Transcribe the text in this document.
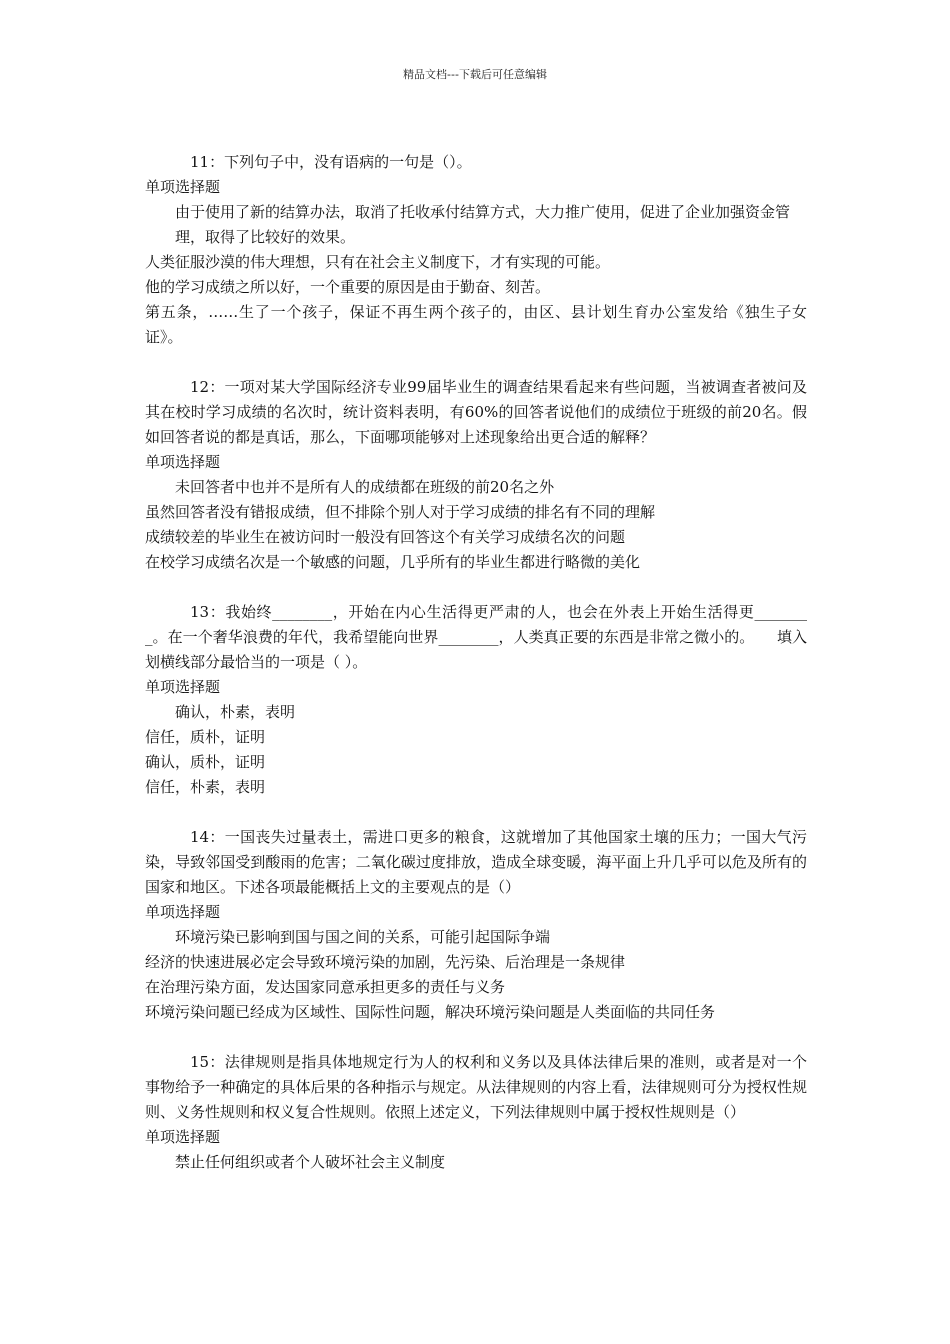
精品文档---下载后可任意编辑

11：下列句子中，没有语病的一句是（）。

单项选择题

由于使用了新的结算办法，取消了托收承付结算方式，大力推广使用，促进了企业加强资金管理，取得了比较好的效果。

人类征服沙漠的伟大理想，只有在社会主义制度下，才有实现的可能。

他的学习成绩之所以好，一个重要的原因是由于勤奋、刻苦。

第五条，……生了一个孩子，保证不再生两个孩子的，由区、县计划生育办公室发给《独生子女证》。

12：一项对某大学国际经济专业99届毕业生的调查结果看起来有些问题，当被调查者被问及其在校时学习成绩的名次时，统计资料表明，有60%的回答者说他们的成绩位于班级的前20名。假如回答者说的都是真话，那么，下面哪项能够对上述现象给出更合适的解释？

单项选择题

未回答者中也并不是所有人的成绩都在班级的前20名之外

虽然回答者没有错报成绩，但不排除个别人对于学习成绩的排名有不同的理解

成绩较差的毕业生在被访问时一般没有回答这个有关学习成绩名次的问题

在校学习成绩名次是一个敏感的问题，几乎所有的毕业生都进行略微的美化

13：我始终________，开始在内心生活得更严肃的人，也会在外表上开始生活得更________。在一个奢华浪费的年代，我希望能向世界________，人类真正要的东西是非常之微小的。　　填入划横线部分最恰当的一项是（ ）。

单项选择题

确认，朴素，表明

信任，质朴，证明

确认，质朴，证明

信任，朴素，表明

14：一国丧失过量表土，需进口更多的粮食，这就增加了其他国家土壤的压力；一国大气污染，导致邻国受到酸雨的危害；二氧化碳过度排放，造成全球变暖，海平面上升几乎可以危及所有的国家和地区。下述各项最能概括上文的主要观点的是（）

单项选择题

环境污染已影响到国与国之间的关系，可能引起国际争端

经济的快速进展必定会导致环境污染的加剧，先污染、后治理是一条规律

在治理污染方面，发达国家同意承担更多的责任与义务

环境污染问题已经成为区域性、国际性问题，解决环境污染问题是人类面临的共同任务

15：法律规则是指具体地规定行为人的权利和义务以及具体法律后果的准则，或者是对一个事物给予一种确定的具体后果的各种指示与规定。从法律规则的内容上看，法律规则可分为授权性规则、义务性规则和权义复合性规则。依照上述定义，下列法律规则中属于授权性规则是（）

单项选择题

禁止任何组织或者个人破坏社会主义制度
